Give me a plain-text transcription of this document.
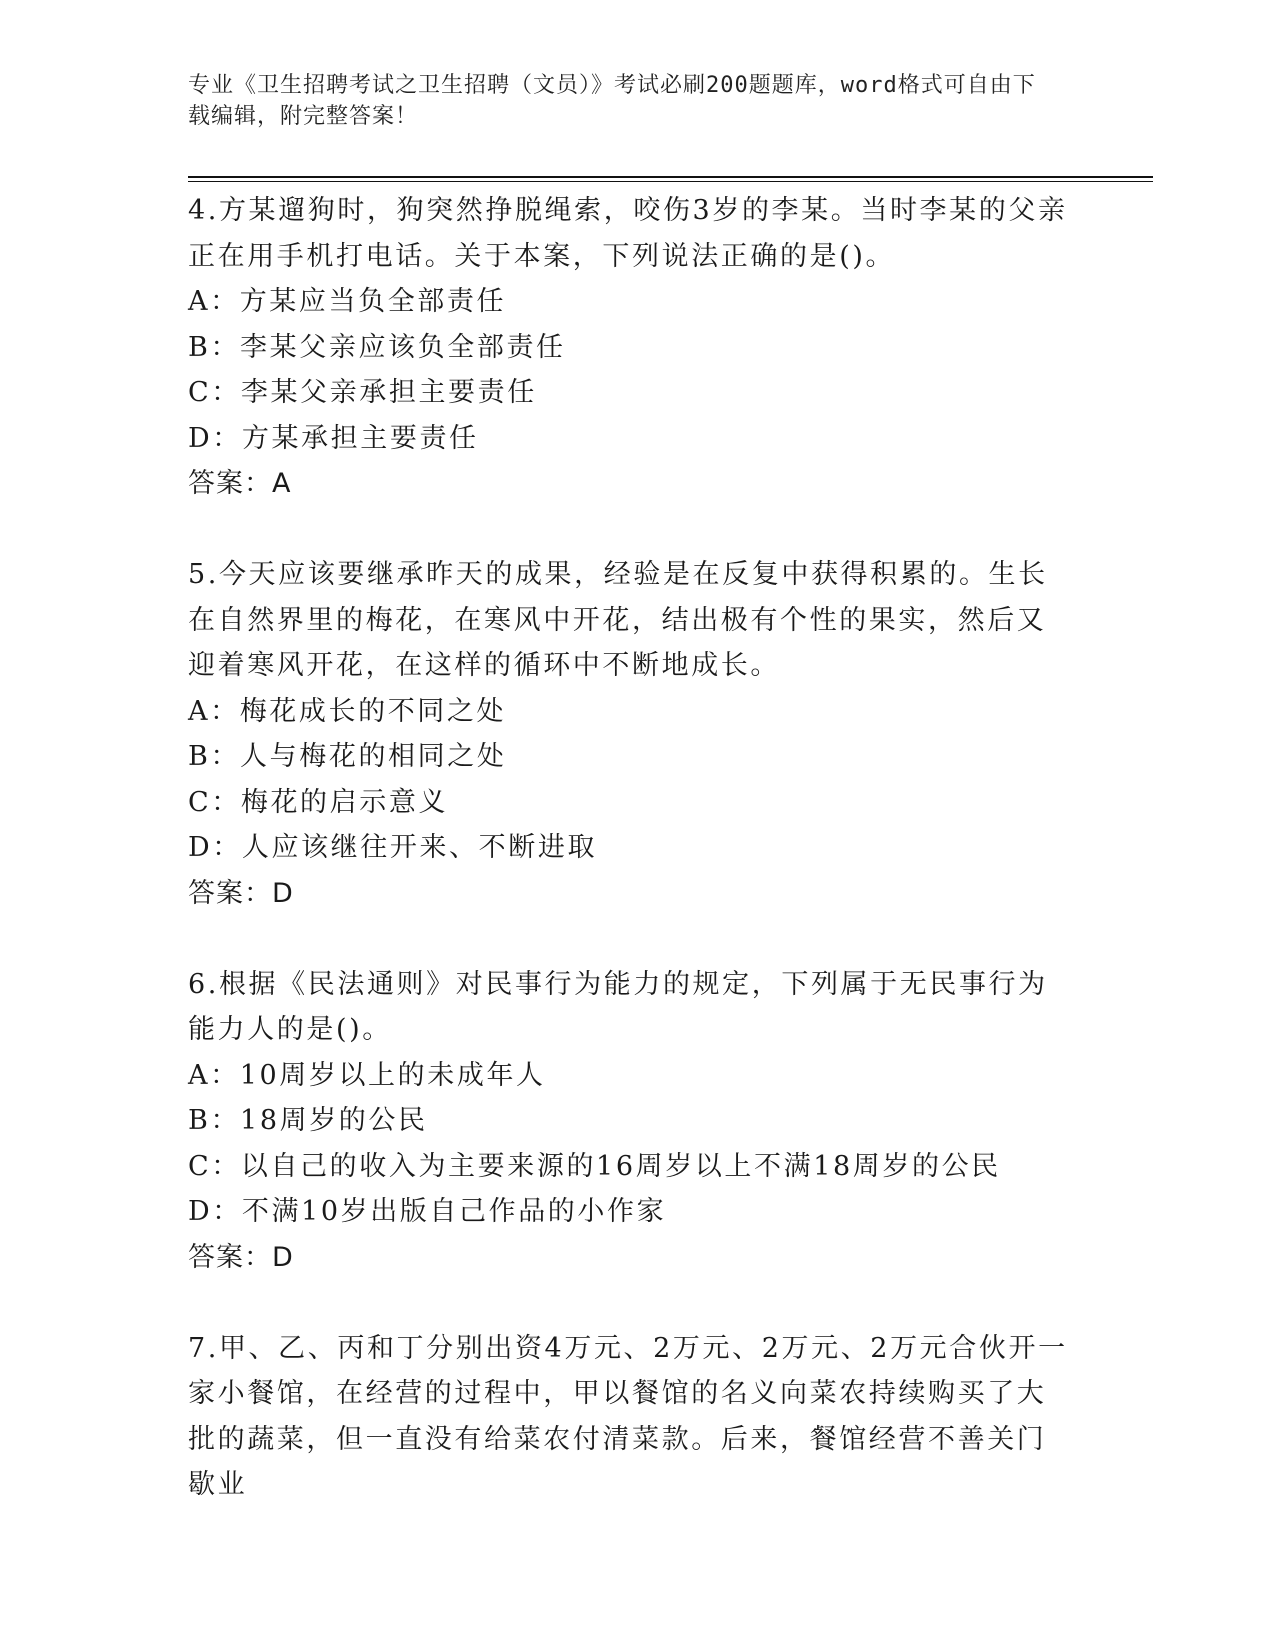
专业《卫生招聘考试之卫生招聘（文员）》考试必刷200题题库，word格式可自由下载编辑，附完整答案！

4.方某遛狗时，狗突然挣脱绳索，咬伤3岁的李某。当时李某的父亲正在用手机打电话。关于本案，下列说法正确的是()。

A：方某应当负全部责任

B：李某父亲应该负全部责任

C：李某父亲承担主要责任

D：方某承担主要责任

答案：A

5.今天应该要继承昨天的成果，经验是在反复中获得积累的。生长在自然界里的梅花，在寒风中开花，结出极有个性的果实，然后又迎着寒风开花，在这样的循环中不断地成长。

A：梅花成长的不同之处

B：人与梅花的相同之处

C：梅花的启示意义

D：人应该继往开来、不断进取

答案：D

6.根据《民法通则》对民事行为能力的规定，下列属于无民事行为能力人的是()。

A：10周岁以上的未成年人

B：18周岁的公民

C：以自己的收入为主要来源的16周岁以上不满18周岁的公民

D：不满10岁出版自己作品的小作家

答案：D

7.甲、乙、丙和丁分别出资4万元、2万元、2万元、2万元合伙开一家小餐馆，在经营的过程中，甲以餐馆的名义向菜农持续购买了大批的蔬菜，但一直没有给菜农付清菜款。后来，餐馆经营不善关门歇业
